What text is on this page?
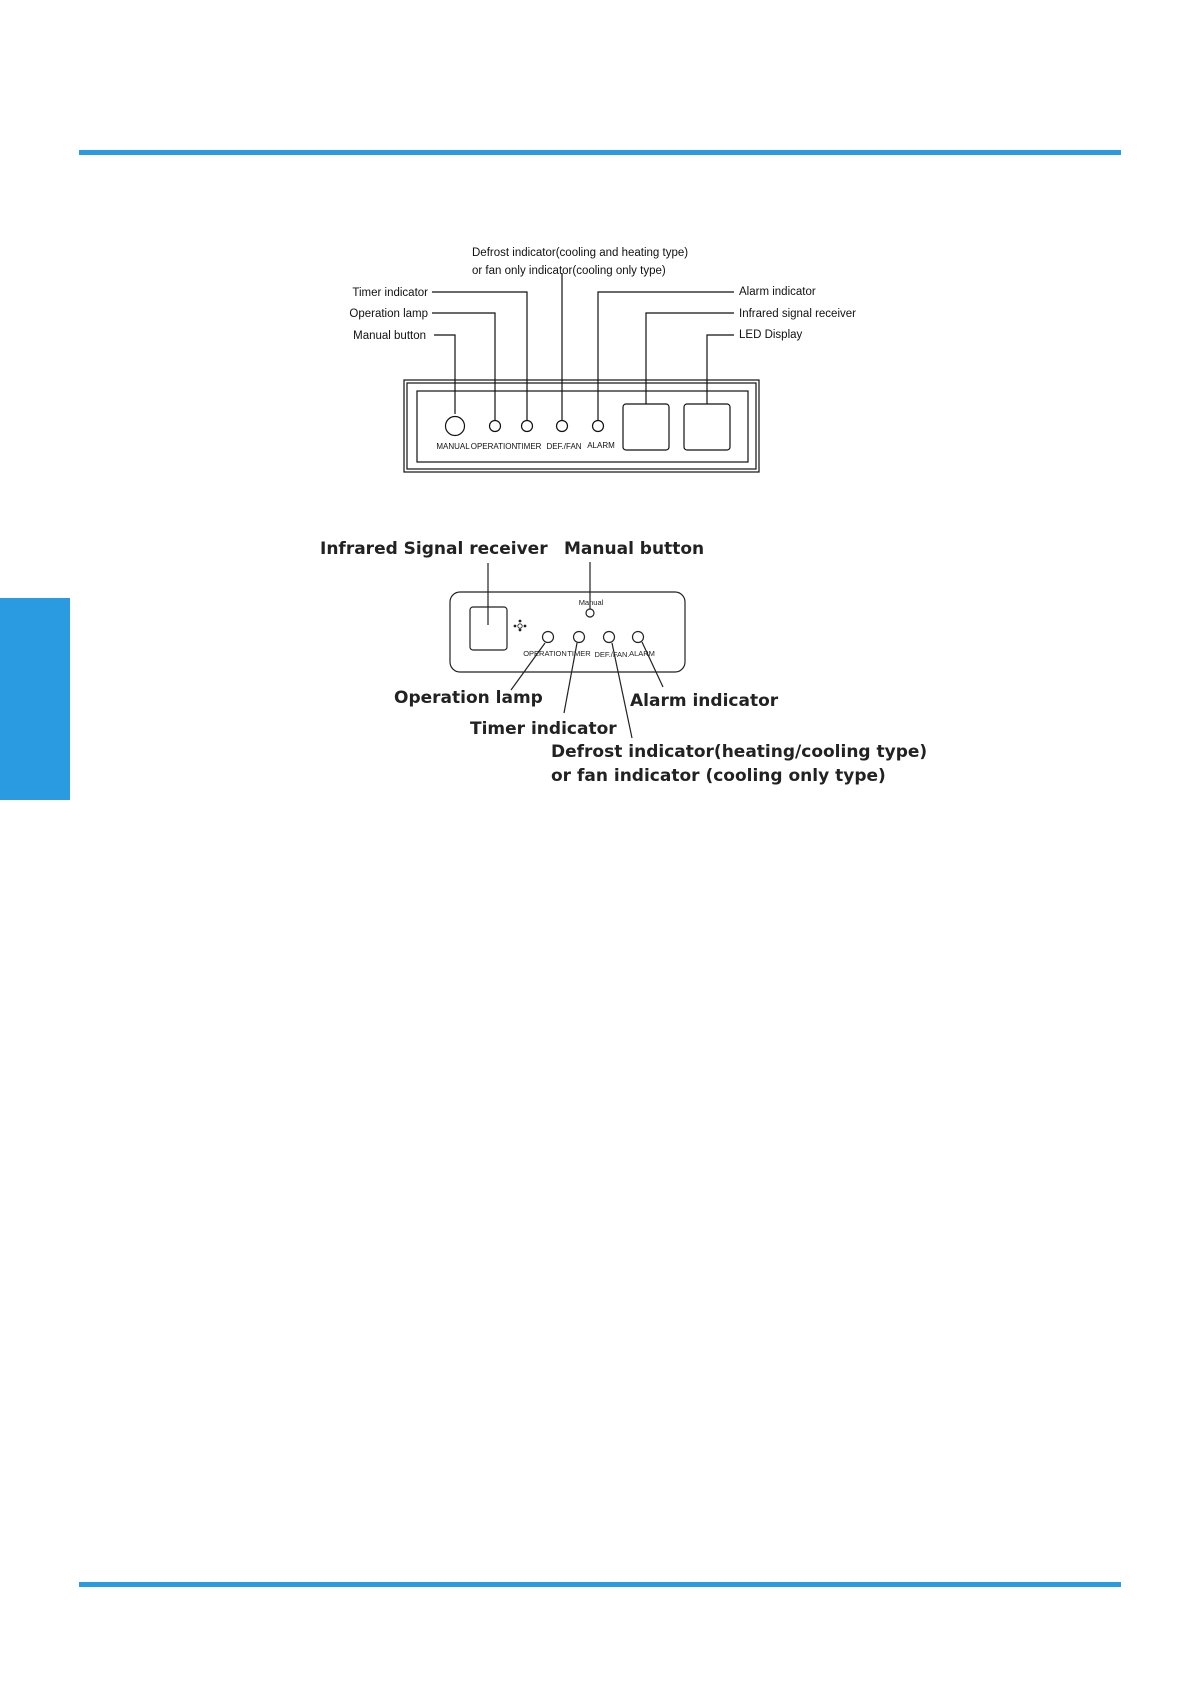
Defrost indicator(cooling and heating type)
or fan only indicator(cooling only type)
Timer indicator
Operation lamp
Manual button
Alarm indicator
Infrared signal receiver
LED Display
MANUAL OPERATION TIMER DEF./FAN ALARM
Infrared Signal receiver Manual button
Operation lamp	Alarm indicator
Timer indicator
Defrost indicator(heating/cooling type)
or fan indicator (cooling only type)
Manual
OPERATION TIMER DEF./FAN. ALARM
